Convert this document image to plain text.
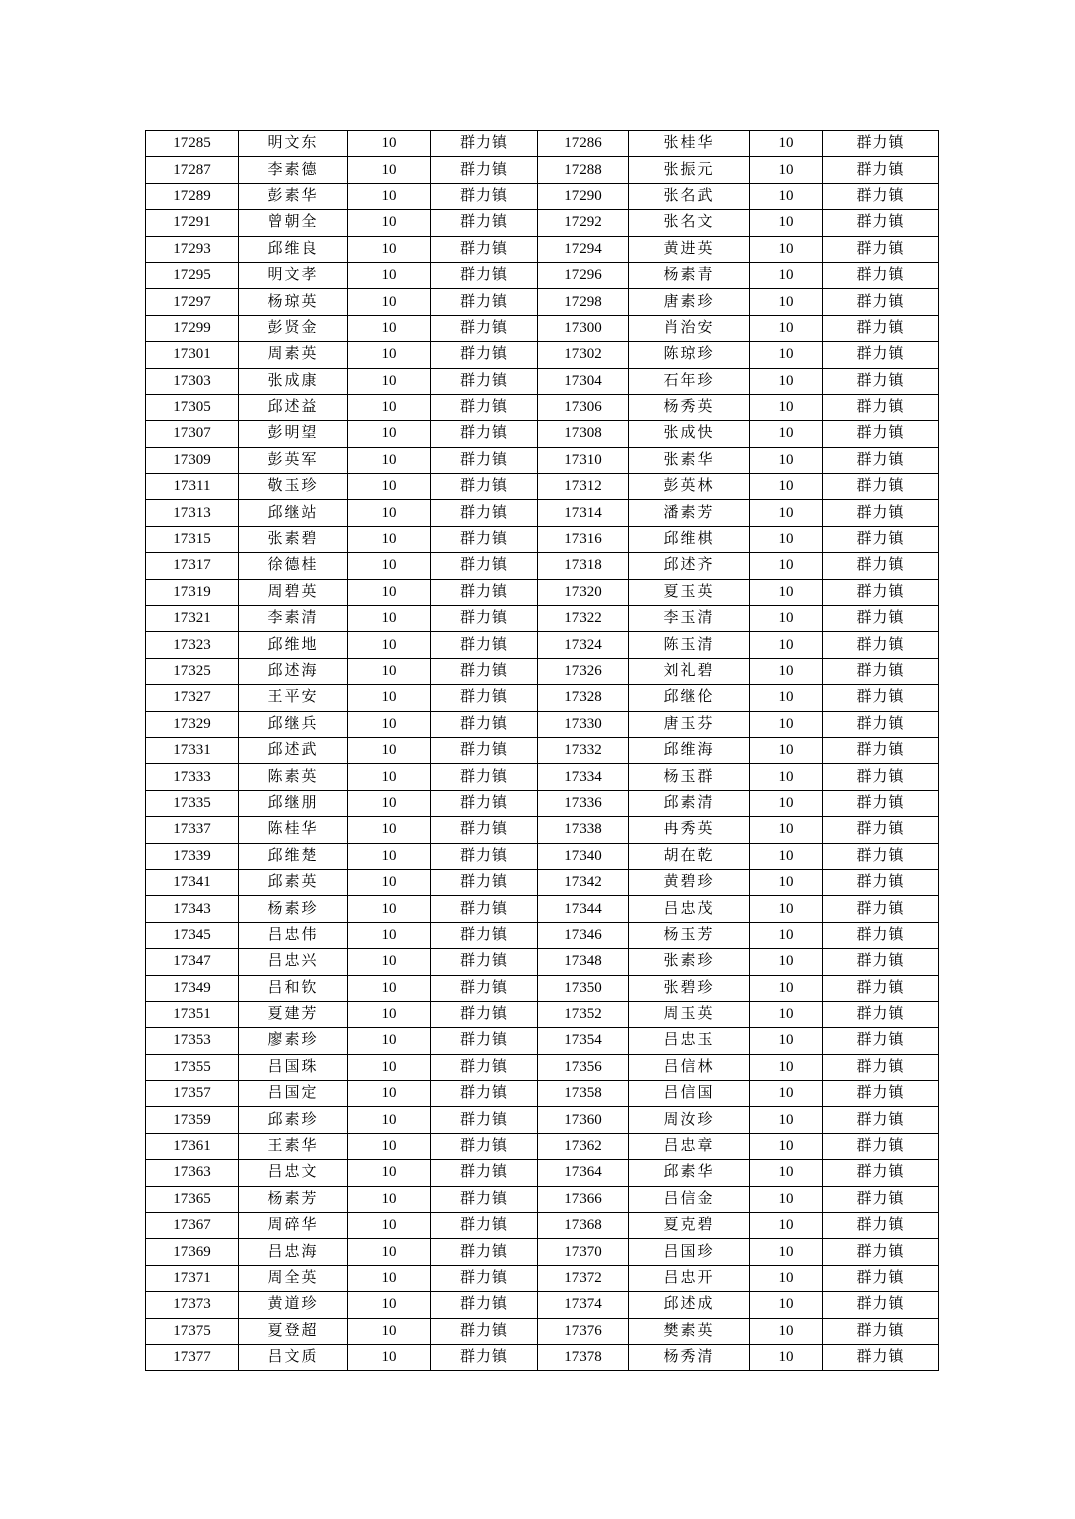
17285	明文东	10	群力镇	17286	张桂华	10	群力镇
17287	李素德	10	群力镇	17288	张振元	10	群力镇
17289	彭素华	10	群力镇	17290	张名武	10	群力镇
17291	曾朝全	10	群力镇	17292	张名文	10	群力镇
17293	邱维良	10	群力镇	17294	黄进英	10	群力镇
17295	明文孝	10	群力镇	17296	杨素青	10	群力镇
17297	杨琼英	10	群力镇	17298	唐素珍	10	群力镇
17299	彭贤金	10	群力镇	17300	肖治安	10	群力镇
17301	周素英	10	群力镇	17302	陈琼珍	10	群力镇
17303	张成康	10	群力镇	17304	石年珍	10	群力镇
17305	邱述益	10	群力镇	17306	杨秀英	10	群力镇
17307	彭明望	10	群力镇	17308	张成快	10	群力镇
17309	彭英军	10	群力镇	17310	张素华	10	群力镇
17311	敬玉珍	10	群力镇	17312	彭英林	10	群力镇
17313	邱继站	10	群力镇	17314	潘素芳	10	群力镇
17315	张素碧	10	群力镇	17316	邱维棋	10	群力镇
17317	徐德桂	10	群力镇	17318	邱述齐	10	群力镇
17319	周碧英	10	群力镇	17320	夏玉英	10	群力镇
17321	李素清	10	群力镇	17322	李玉清	10	群力镇
17323	邱维地	10	群力镇	17324	陈玉清	10	群力镇
17325	邱述海	10	群力镇	17326	刘礼碧	10	群力镇
17327	王平安	10	群力镇	17328	邱继伦	10	群力镇
17329	邱继兵	10	群力镇	17330	唐玉芬	10	群力镇
17331	邱述武	10	群力镇	17332	邱维海	10	群力镇
17333	陈素英	10	群力镇	17334	杨玉群	10	群力镇
17335	邱继朋	10	群力镇	17336	邱素清	10	群力镇
17337	陈桂华	10	群力镇	17338	冉秀英	10	群力镇
17339	邱维楚	10	群力镇	17340	胡在乾	10	群力镇
17341	邱素英	10	群力镇	17342	黄碧珍	10	群力镇
17343	杨素珍	10	群力镇	17344	吕忠茂	10	群力镇
17345	吕忠伟	10	群力镇	17346	杨玉芳	10	群力镇
17347	吕忠兴	10	群力镇	17348	张素珍	10	群力镇
17349	吕和钦	10	群力镇	17350	张碧珍	10	群力镇
17351	夏建芳	10	群力镇	17352	周玉英	10	群力镇
17353	廖素珍	10	群力镇	17354	吕忠玉	10	群力镇
17355	吕国珠	10	群力镇	17356	吕信林	10	群力镇
17357	吕国定	10	群力镇	17358	吕信国	10	群力镇
17359	邱素珍	10	群力镇	17360	周汝珍	10	群力镇
17361	王素华	10	群力镇	17362	吕忠章	10	群力镇
17363	吕忠文	10	群力镇	17364	邱素华	10	群力镇
17365	杨素芳	10	群力镇	17366	吕信金	10	群力镇
17367	周碎华	10	群力镇	17368	夏克碧	10	群力镇
17369	吕忠海	10	群力镇	17370	吕国珍	10	群力镇
17371	周全英	10	群力镇	17372	吕忠开	10	群力镇
17373	黄道珍	10	群力镇	17374	邱述成	10	群力镇
17375	夏登超	10	群力镇	17376	樊素英	10	群力镇
17377	吕文质	10	群力镇	17378	杨秀清	10	群力镇
